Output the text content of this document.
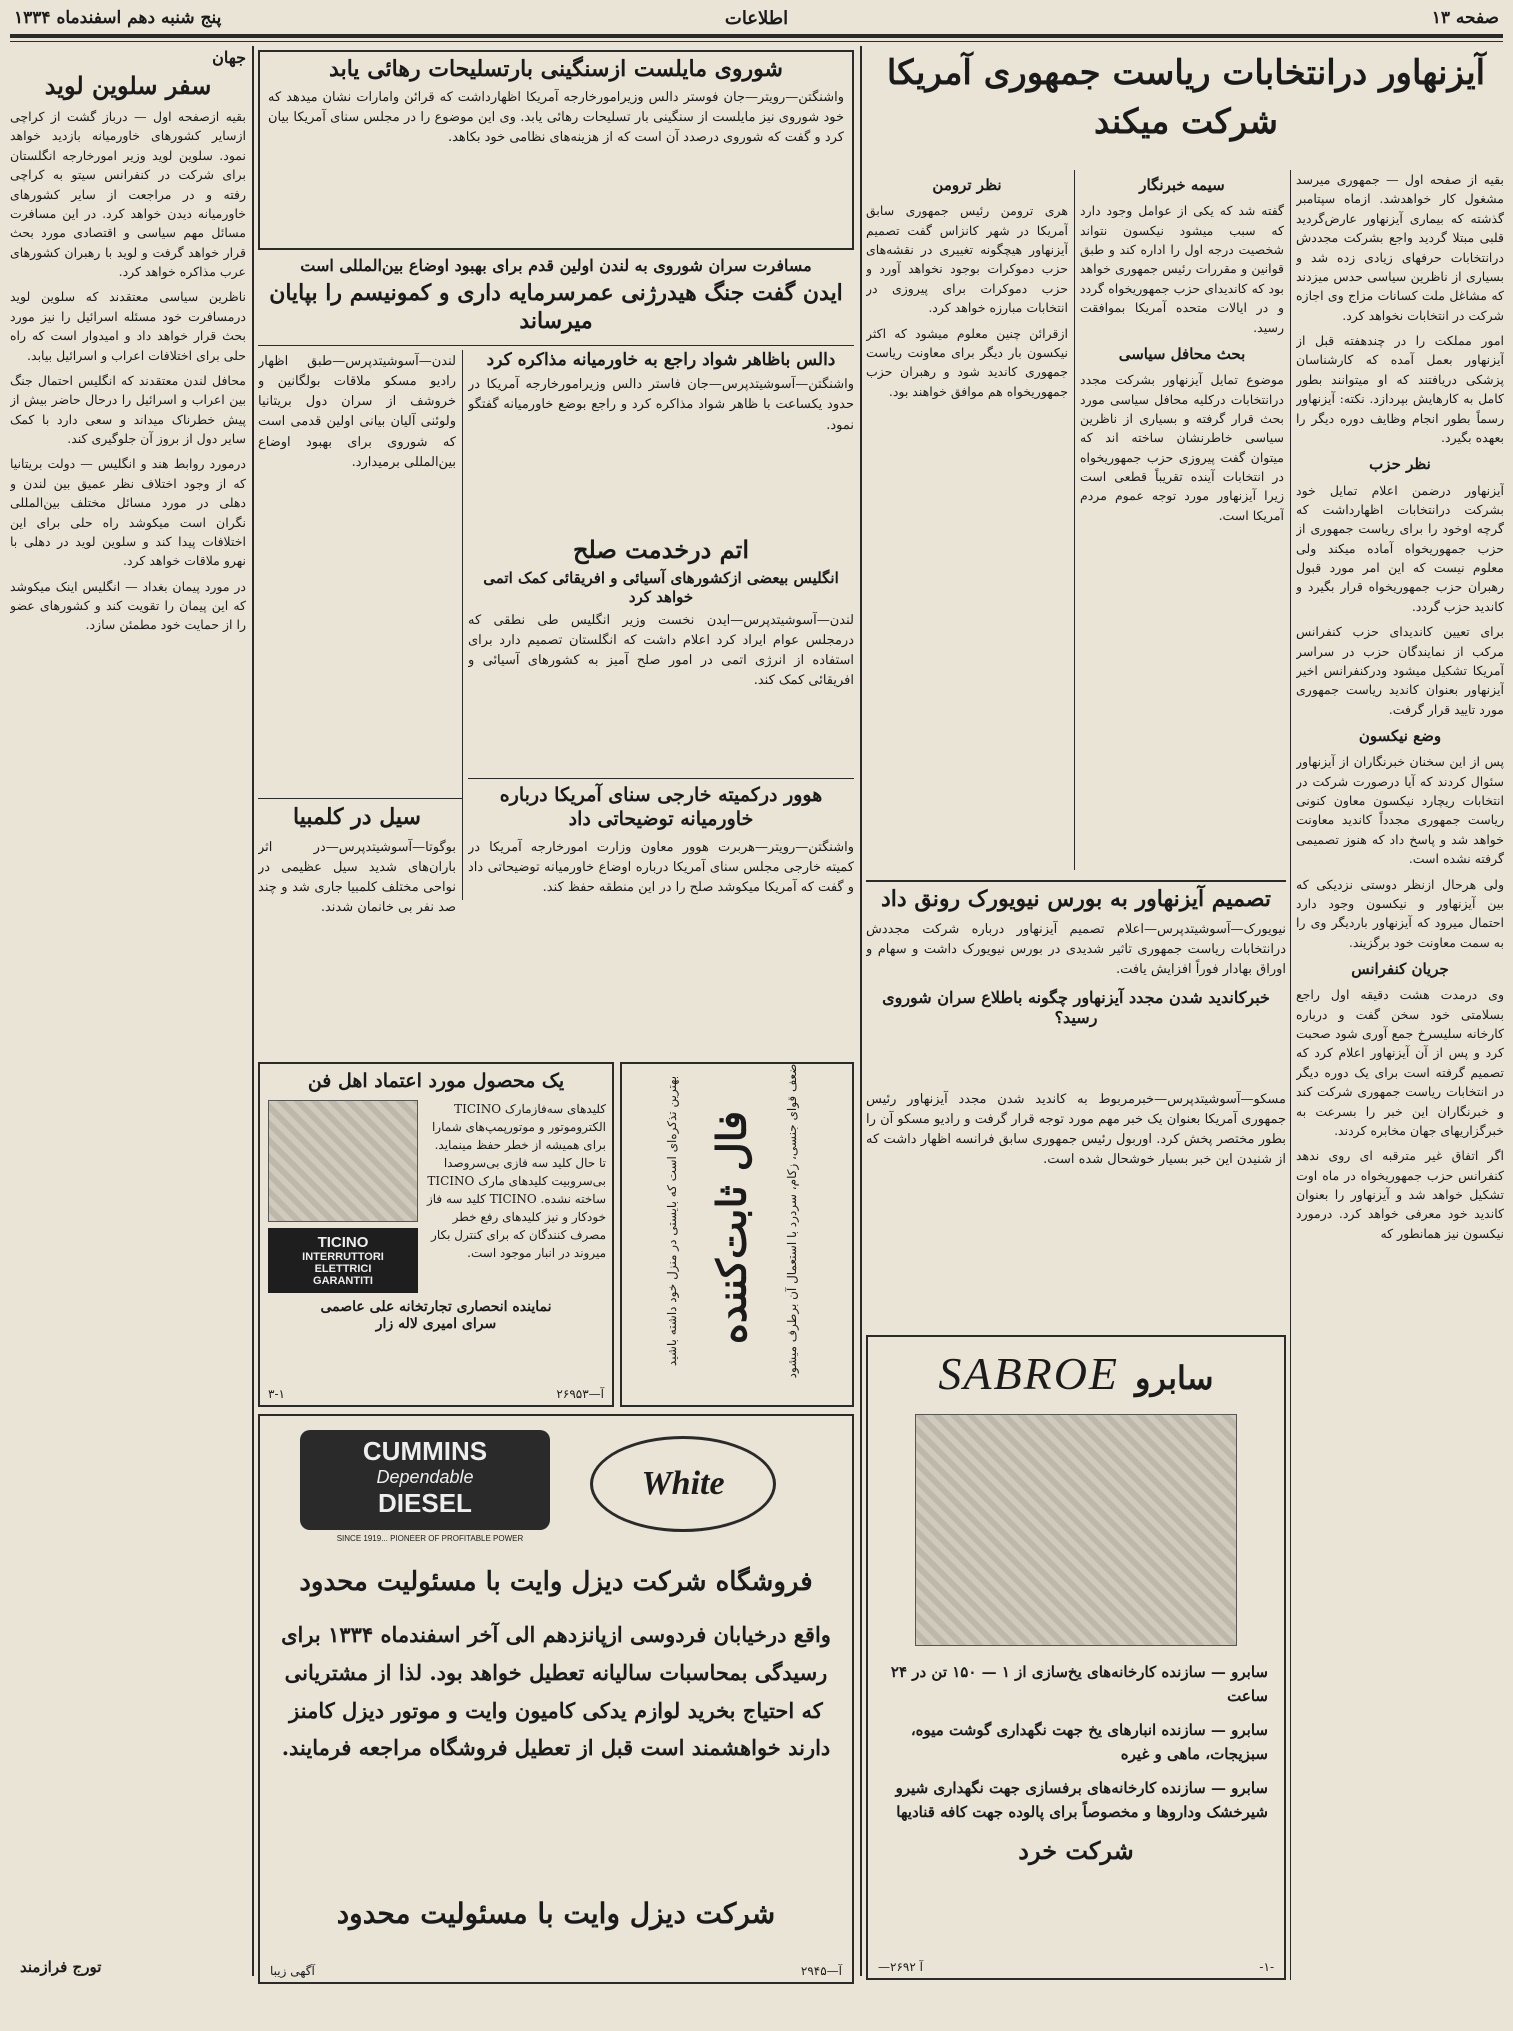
صفحه ۱۳
اطلاعات
پنج شنبه دهم اسفندماه ۱۳۳۴
آیزنهاور درانتخابات ریاست جمهوری آمریکا
شرکت میکند

بقیه از صفحه اول — جمهوری میرسد مشغول کار خواهدشد. ازماه سپتامبر گذشته که بیماری آیزنهاور عارض‌گردید قلبی مبتلا گردید واجع بشرکت مجددش درانتخابات حرفهای زیادی زده شد و بسیاری از ناظرین سیاسی حدس میزدند که مشاغل ملت کسانات مزاج وی اجازه شرکت در انتخابات نخواهد کرد.

امور مملکت را در چندهفته قبل از آیزنهاور بعمل آمده که کارشناسان پزشکی دریافتند که او میتوانند بطور کامل به کارهایش بپردازد. نکته: آیزنهاور رسماً بطور انجام وظایف دوره دیگر را بعهده بگیرد.

نظر حزب

آیزنهاور درضمن اعلام تمایل خود بشرکت درانتخابات اظهارداشت که گرچه اوخود را برای ریاست جمهوری از حزب جمهوریخواه آماده میکند ولی معلوم نیست که این امر مورد قبول رهبران حزب جمهوریخواه قرار بگیرد و کاندید حزب گردد.

برای تعیین کاندیدای حزب کنفرانس مرکب از نمایندگان حزب در سراسر آمریکا تشکیل میشود ودرکنفرانس اخیر آیزنهاور بعنوان کاندید ریاست جمهوری مورد تایید قرار گرفت.

وضع نیکسون

پس از این سخنان خبرنگاران از آیزنهاور سئوال کردند که آیا درصورت شرکت در انتخابات ریچارد نیکسون معاون کنونی ریاست جمهوری مجدداً کاندید معاونت خواهد شد و پاسخ داد که هنوز تصمیمی گرفته نشده است.

ولی هرحال ازنظر دوستی نزدیکی که بین آیزنهاور و نیکسون وجود دارد احتمال میرود که آیزنهاور باردیگر وی را به سمت معاونت خود برگزیند.

جریان کنفرانس

وی درمدت هشت دقیقه اول راجع بسلامتی خود سخن گفت و درباره کارخانه سلیسرخ جمع آوری شود صحبت کرد و پس از آن آیزنهاور اعلام کرد که تصمیم گرفته است برای یک دوره دیگر در انتخابات ریاست جمهوری شرکت کند و خبرنگاران این خبر را بسرعت به خبرگزاریهای جهان مخابره کردند.

اگر اتفاق غیر مترقبه ای روی ندهد کنفرانس حزب جمهوریخواه در ماه اوت تشکیل خواهد شد و آیزنهاور را بعنوان کاندید خود معرفی خواهد کرد. درمورد نیکسون نیز همانطور که

سیمه خبرنگار

گفته شد که یکی از عوامل وجود دارد که سبب میشود نیکسون نتواند شخصیت درجه اول را اداره کند و طبق قوانین و مقررات رئیس جمهوری خواهد بود که کاندیدای حزب جمهوریخواه گردد و در ایالات متحده آمریکا بموافقت رسید.

بحث محافل سیاسی

موضوع تمایل آیزنهاور بشرکت مجدد درانتخابات درکلیه محافل سیاسی مورد بحث قرار گرفته و بسیاری از ناظرین سیاسی خاطرنشان ساخته اند که میتوان گفت پیروزی حزب جمهوریخواه در انتخابات آینده تقریباً قطعی است زیرا آیزنهاور مورد توجه عموم مردم آمریکا است.

نظر ترومن

هری ترومن رئیس جمهوری سابق آمریکا در شهر کانزاس گفت تصمیم آیزنهاور هیچگونه تغییری در نقشه‌های حزب دموکرات بوجود نخواهد آورد و حزب دموکرات برای پیروزی در انتخابات مبارزه خواهد کرد.

ازقرائن چنین معلوم میشود که اکثر نیکسون بار دیگر برای معاونت ریاست جمهوری کاندید شود و رهبران حزب جمهوریخواه هم موافق خواهند بود.

تصمیم آیزنهاور به بورس نیویورک رونق داد
نیویورک—آسوشیتدپرس—اعلام تصمیم آیزنهاور درباره شرکت مجددش درانتخابات ریاست جمهوری تاثیر شدیدی در بورس نیویورک داشت و سهام و اوراق بهادار فوراً افزایش یافت.
خبرکاندید شدن مجدد آیزنهاور چگونه باطلاع سران شوروی رسید؟
مسکو—آسوشیتدپرس—خبرمربوط به کاندید شدن مجدد آیزنهاور رئیس جمهوری آمریکا بعنوان یک خبر مهم مورد توجه قرار گرفت و رادیو مسکو آن را بطور مختصر پخش کرد. اوربول رئیس جمهوری سابق فرانسه اظهار داشت که از شنیدن این خبر بسیار خوشحال شده است.
سابرو
SABROE
سابرو — سازنده کارخانه‌های یخ‌سازی از ۱ — ۱۵۰ تن در ۲۴ ساعت
سابرو — سازنده انبارهای یخ جهت نگهداری گوشت میوه، سبزیجات، ماهی و غیره
سابرو — سازنده کارخانه‌های برفسازی جهت نگهداری شیرو شیرخشک وداروها و مخصوصاً برای پالوده جهت کافه قنادیها
شرکت خرد
-۱-
آ ۲۶۹۲—
شوروی مایلست ازسنگینی بارتسلیحات رهائی یابد
واشنگتن—رویتر—جان فوستر دالس وزیرامورخارجه آمریکا اظهارداشت که قرائن وامارات نشان میدهد که خود شوروی نیز مایلست از سنگینی بار تسلیحات رهائی یابد. وی این موضوع را در مجلس سنای آمریکا بیان کرد و گفت که شوروی درصدد آن است که از هزینه‌های نظامی خود بکاهد.
مسافرت سران شوروی به لندن اولین قدم برای بهبود اوضاع بین‌المللی است
ایدن گفت جنگ هیدرژنی عمرسرمایه داری و کمونیسم را بپایان میرساند
لندن—آسوشیتدپرس—طبق اظهار رادیو مسکو ملاقات بولگانین و خروشف از سران دول بریتانیا ولوئنی آلیان بیانی اولین قدمی است که شوروی برای بهبود اوضاع بین‌المللی برمیدارد.
دالس باظاهر شواد راجع به خاورمیانه مذاکره کرد
واشنگتن—آسوشیتدپرس—جان فاستر دالس وزیرامورخارجه آمریکا در حدود یکساعت با ظاهر شواد مذاکره کرد و راجع بوضع خاورمیانه گفتگو نمود.
اتم درخدمت صلح
انگلیس بیعضی ازکشورهای آسیائی و افریقائی کمک اتمی خواهد کرد
لندن—آسوشیتدپرس—ایدن نخست وزیر انگلیس طی نطقی که درمجلس عوام ایراد کرد اعلام داشت که انگلستان تصمیم دارد برای استفاده از انرژی اتمی در امور صلح آمیز به کشورهای آسیائی و افریقائی کمک کند.
هوور درکمیته خارجی سنای آمریکا درباره خاورمیانه توضیحاتی داد
واشنگتن—رویتر—هربرت هوور معاون وزارت امورخارجه آمریکا در کمیته خارجی مجلس سنای آمریکا درباره اوضاع خاورمیانه توضیحاتی داد و گفت که آمریکا میکوشد صلح را در این منطقه حفظ کند.
سیل در کلمبیا
بوگوتا—آسوشیتدپرس—در اثر باران‌های شدید سیل عظیمی در نواحی مختلف کلمبیا جاری شد و چند صد نفر بی خانمان شدند.
یک محصول مورد اعتماد اهل فن
کلیدهای سه‌فازمارک TICINO الکتروموتور و موتورپمپ‌های شمارا برای همیشه از خطر حفظ مینماید. تا حال کلید سه فازی بی‌سروصدا بی‌سروبیت کلیدهای مارک TICINO ساخته نشده. TICINO کلید سه فاز خودکار و نیز کلیدهای رفع خطر مصرف کنندگان که برای کنترل بکار میروند در انبار موجود است.
TICINO
INTERRUTTORI
ELETTRICI
GARANTITI
نماینده انحصاری تجارتخانه علی عاصمی
سرای امیری لاله زار
آ—۲۶۹۵۳
۳-۱
فال ثابت‌کننده
بهترین تذکره‌ای است که بایستی در منزل خود داشته باشید	ضعف قوای جنسی، زکام، سردرد با استعمال آن برطرف میشود
CUMMINS
Dependable
DIESEL
SINCE 1919... PIONEER OF PROFITABLE POWER
White
فروشگاه شرکت دیزل وایت با مسئولیت محدود
واقع درخیابان فردوسی ازپانزدهم الی آخر اسفندماه ۱۳۳۴ برای رسیدگی بمحاسبات سالیانه تعطیل خواهد بود. لذا از مشتریانی که احتیاج بخرید لوازم یدکی کامیون وایت و موتور دیزل کامنز دارند خواهشمند است قبل از تعطیل فروشگاه مراجعه فرمایند.
شرکت دیزل وایت با مسئولیت محدود
آ—۲۹۴۵
آگهی زیبا
جهان
سفر سلوین لوید

بقیه ازصفحه اول — درباز گشت از کراچی ازسایر کشورهای خاورمیانه بازدید خواهد نمود. سلوین لوید وزیر امورخارجه انگلستان برای شرکت در کنفرانس سیتو به کراچی رفته و در مراجعت از سایر کشورهای خاورمیانه دیدن خواهد کرد. در این مسافرت مسائل مهم سیاسی و اقتصادی مورد بحث قرار خواهد گرفت و لوید با رهبران کشورهای عرب مذاکره خواهد کرد.

ناظرین سیاسی معتقدند که سلوین لوید درمسافرت خود مسئله اسرائیل را نیز مورد بحث قرار خواهد داد و امیدوار است که راه حلی برای اختلافات اعراب و اسرائیل بیابد.

محافل لندن معتقدند که انگلیس احتمال جنگ بین اعراب و اسرائیل را درحال حاضر بیش از پیش خطرناک میداند و سعی دارد با کمک سایر دول از بروز آن جلوگیری کند.

درمورد روابط هند و انگلیس — دولت بریتانیا که از وجود اختلاف نظر عمیق بین لندن و دهلی در مورد مسائل مختلف بین‌المللی نگران است میکوشد راه حلی برای این اختلافات پیدا کند و سلوین لوید در دهلی با نهرو ملاقات خواهد کرد.

در مورد پیمان بغداد — انگلیس اینک میکوشد که این پیمان را تقویت کند و کشورهای عضو را از حمایت خود مطمئن سازد.

تورج فرازمند
